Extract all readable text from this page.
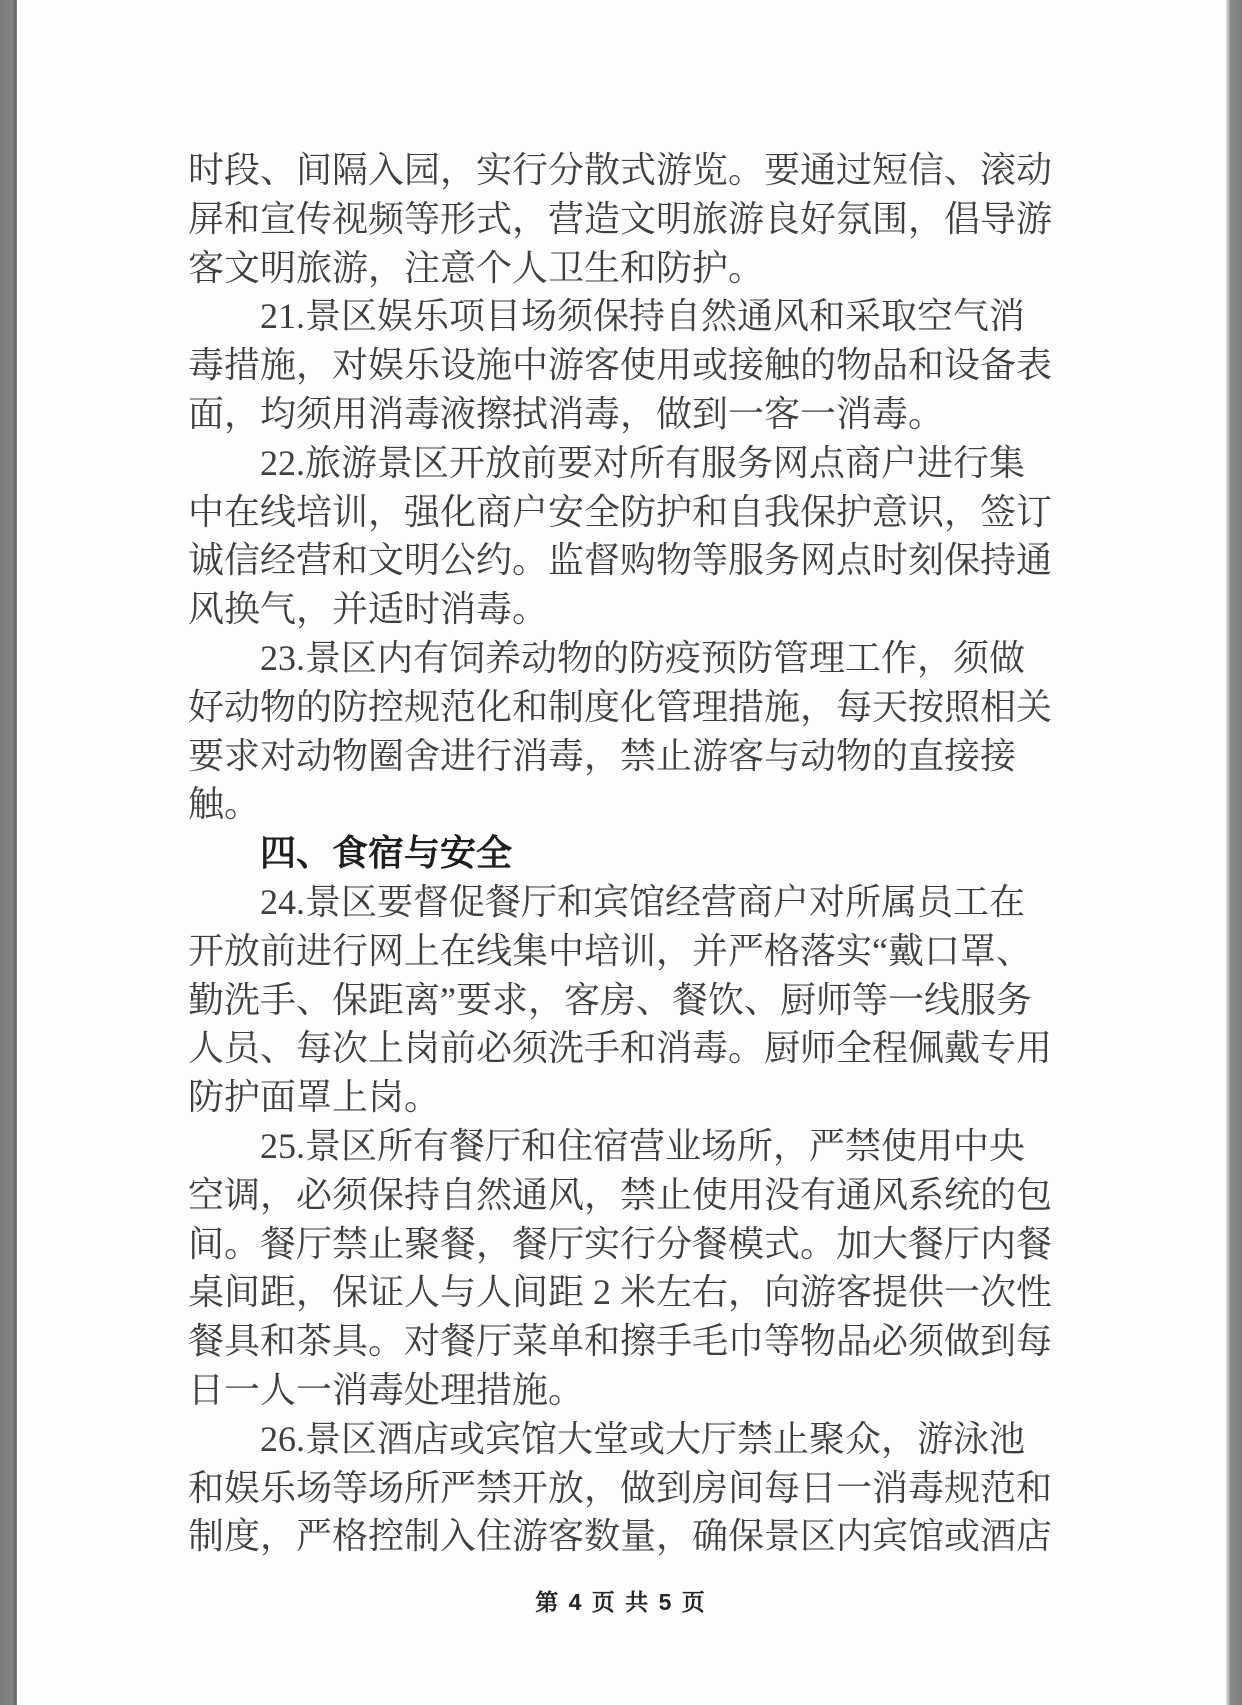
时段、间隔入园，实行分散式游览。要通过短信、滚动
屏和宣传视频等形式，营造文明旅游良好氛围，倡导游
客文明旅游，注意个人卫生和防护。
　　21.景区娱乐项目场须保持自然通风和采取空气消
毒措施，对娱乐设施中游客使用或接触的物品和设备表
面，均须用消毒液擦拭消毒，做到一客一消毒。
　　22.旅游景区开放前要对所有服务网点商户进行集
中在线培训，强化商户安全防护和自我保护意识，签订
诚信经营和文明公约。监督购物等服务网点时刻保持通
风换气，并适时消毒。
　　23.景区内有饲养动物的防疫预防管理工作，须做
好动物的防控规范化和制度化管理措施，每天按照相关
要求对动物圈舍进行消毒，禁止游客与动物的直接接
触。
　　四、食宿与安全
　　24.景区要督促餐厅和宾馆经营商户对所属员工在
开放前进行网上在线集中培训，并严格落实“戴口罩、
勤洗手、保距离”要求，客房、餐饮、厨师等一线服务
人员、每次上岗前必须洗手和消毒。厨师全程佩戴专用
防护面罩上岗。
　　25.景区所有餐厅和住宿营业场所，严禁使用中央
空调，必须保持自然通风，禁止使用没有通风系统的包
间。餐厅禁止聚餐，餐厅实行分餐模式。加大餐厅内餐
桌间距，保证人与人间距 2 米左右，向游客提供一次性
餐具和茶具。对餐厅菜单和擦手毛巾等物品必须做到每
日一人一消毒处理措施。
　　26.景区酒店或宾馆大堂或大厅禁止聚众，游泳池
和娱乐场等场所严禁开放，做到房间每日一消毒规范和
制度，严格控制入住游客数量，确保景区内宾馆或酒店
第 4 页 共 5 页
